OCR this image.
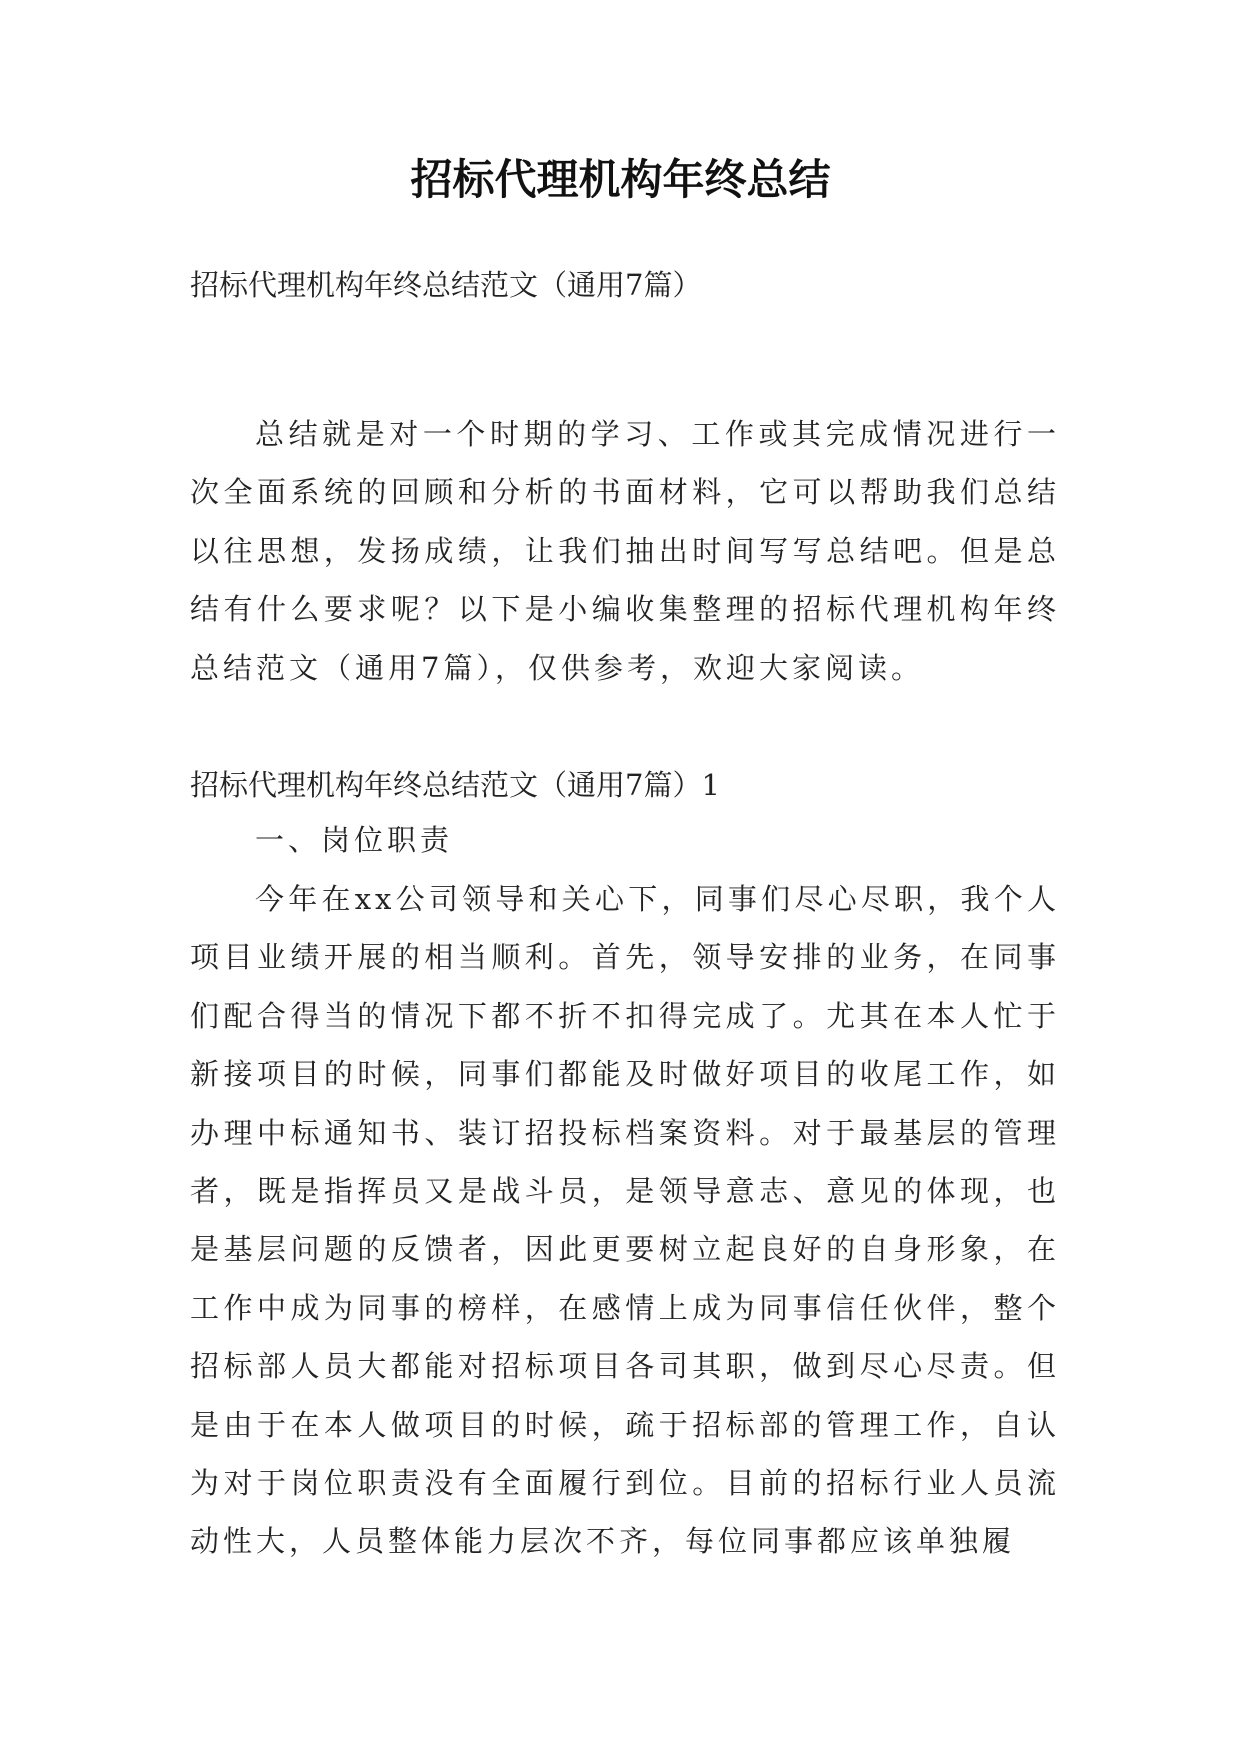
招标代理机构年终总结
招标代理机构年终总结范文（通用7篇）
总结就是对一个时期的学习、工作或其完成情况进行一次全面系统的回顾和分析的书面材料，它可以帮助我们总结以往思想，发扬成绩，让我们抽出时间写写总结吧。但是总结有什么要求呢？以下是小编收集整理的招标代理机构年终总结范文（通用7篇），仅供参考，欢迎大家阅读。
招标代理机构年终总结范文（通用7篇）1
一、岗位职责
今年在xx公司领导和关心下，同事们尽心尽职，我个人项目业绩开展的相当顺利。首先，领导安排的业务，在同事们配合得当的情况下都不折不扣得完成了。尤其在本人忙于新接项目的时候，同事们都能及时做好项目的收尾工作，如办理中标通知书、装订招投标档案资料。对于最基层的管理者，既是指挥员又是战斗员，是领导意志、意见的体现，也是基层问题的反馈者，因此更要树立起良好的自身形象，在工作中成为同事的榜样，在感情上成为同事信任伙伴，整个招标部人员大都能对招标项目各司其职，做到尽心尽责。但是由于在本人做项目的时候，疏于招标部的管理工作，自认为对于岗位职责没有全面履行到位。目前的招标行业人员流动性大，人员整体能力层次不齐，每位同事都应该单独履
